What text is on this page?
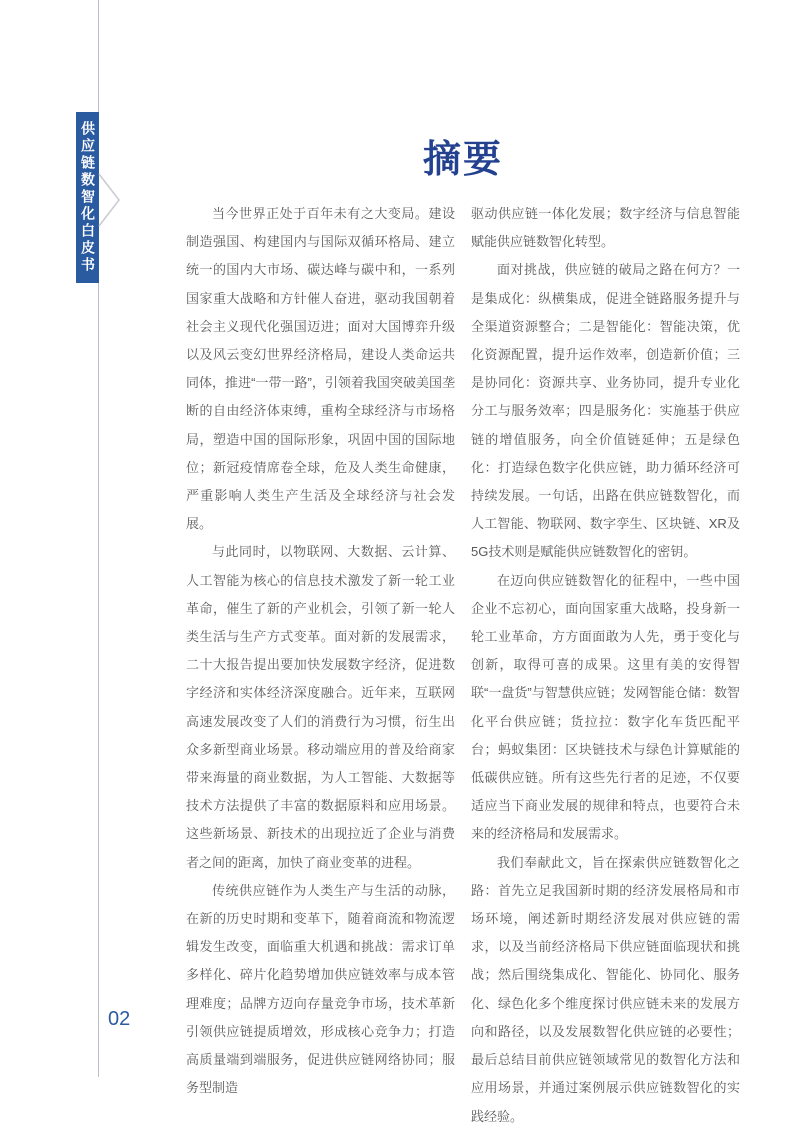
供应链数智化白皮书	摘要

当今世界正处于百年未有之大变局。建设制造强国、构建国内与国际双循环格局、建立统一的国内大市场、碳达峰与碳中和，一系列国家重大战略和方针催人奋进，驱动我国朝着社会主义现代化强国迈进；面对大国博弈升级以及风云变幻世界经济格局，建设人类命运共同体，推进“一带一路”，引领着我国突破美国垄断的自由经济体束缚，重构全球经济与市场格局，塑造中国的国际形象，巩固中国的国际地位；新冠疫情席卷全球，危及人类生命健康，严重影响人类生产生活及全球经济与社会发展。

与此同时，以物联网、大数据、云计算、人工智能为核心的信息技术激发了新一轮工业革命，催生了新的产业机会，引领了新一轮人类生活与生产方式变革。面对新的发展需求，二十大报告提出要加快发展数字经济，促进数字经济和实体经济深度融合。近年来，互联网高速发展改变了人们的消费行为习惯，衍生出众多新型商业场景。移动端应用的普及给商家带来海量的商业数据，为人工智能、大数据等技术方法提供了丰富的数据原料和应用场景。这些新场景、新技术的出现拉近了企业与消费者之间的距离，加快了商业变革的进程。

传统供应链作为人类生产与生活的动脉，在新的历史时期和变革下，随着商流和物流逻辑发生改变，面临重大机遇和挑战：需求订单多样化、碎片化趋势增加供应链效率与成本管理难度；品牌方迈向存量竞争市场，技术革新引领供应链提质增效，形成核心竞争力；打造高质量端到端服务，促进供应链网络协同；服务型制造

驱动供应链一体化发展；数字经济与信息智能赋能供应链数智化转型。

面对挑战，供应链的破局之路在何方？一是集成化：纵横集成，促进全链路服务提升与全渠道资源整合；二是智能化：智能决策，优化资源配置，提升运作效率，创造新价值；三是协同化：资源共享、业务协同，提升专业化分工与服务效率；四是服务化：实施基于供应链的增值服务，向全价值链延伸；五是绿色化：打造绿色数字化供应链，助力循环经济可持续发展。一句话，出路在供应链数智化，而人工智能、物联网、数字孪生、区块链、XR及5G技术则是赋能供应链数智化的密钥。

在迈向供应链数智化的征程中，一些中国企业不忘初心，面向国家重大战略，投身新一轮工业革命，方方面面敢为人先，勇于变化与创新，取得可喜的成果。这里有美的安得智联“一盘货”与智慧供应链；发网智能仓储：数智化平台供应链；货拉拉：数字化车货匹配平台；蚂蚁集团：区块链技术与绿色计算赋能的低碳供应链。所有这些先行者的足迹，不仅要适应当下商业发展的规律和特点，也要符合未来的经济格局和发展需求。

我们奉献此文，旨在探索供应链数智化之路：首先立足我国新时期的经济发展格局和市场环境，阐述新时期经济发展对供应链的需求，以及当前经济格局下供应链面临现状和挑战；然后围绕集成化、智能化、协同化、服务化、绿色化多个维度探讨供应链未来的发展方向和路径，以及发展数智化供应链的必要性；最后总结目前供应链领域常见的数智化方法和应用场景，并通过案例展示供应链数智化的实践经验。

02
